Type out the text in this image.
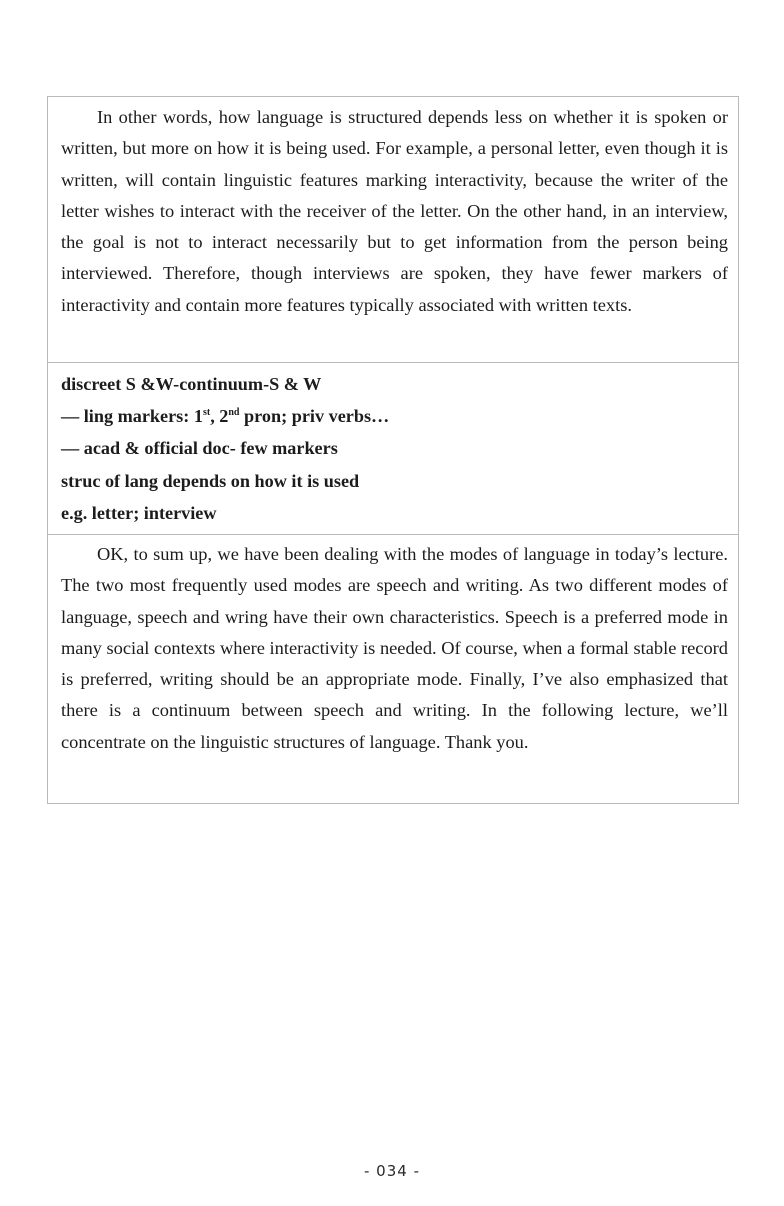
In other words, how language is structured depends less on whether it is spoken or written, but more on how it is being used. For example, a personal letter, even though it is written, will contain linguistic features marking interactivity, because the writer of the letter wishes to interact with the receiver of the letter. On the other hand, in an interview, the goal is not to interact necessarily but to get information from the person being interviewed. Therefore, though interviews are spoken, they have fewer markers of interactivity and contain more features typically associated with written texts.

discreet S &W-continuum-S & W

— ling markers: 1st, 2nd pron; priv verbs…

— acad & official doc- few markers

struc of lang depends on how it is used

e.g. letter; interview

OK, to sum up, we have been dealing with the modes of language in today’s lecture. The two most frequently used modes are speech and writing. As two different modes of language, speech and wring have their own characteristics. Speech is a preferred mode in many social contexts where interactivity is needed. Of course, when a formal stable record is preferred, writing should be an appropriate mode. Finally, I’ve also emphasized that there is a continuum between speech and writing. In the following lecture, we’ll concentrate on the linguistic structures of language. Thank you.

- 034 -
